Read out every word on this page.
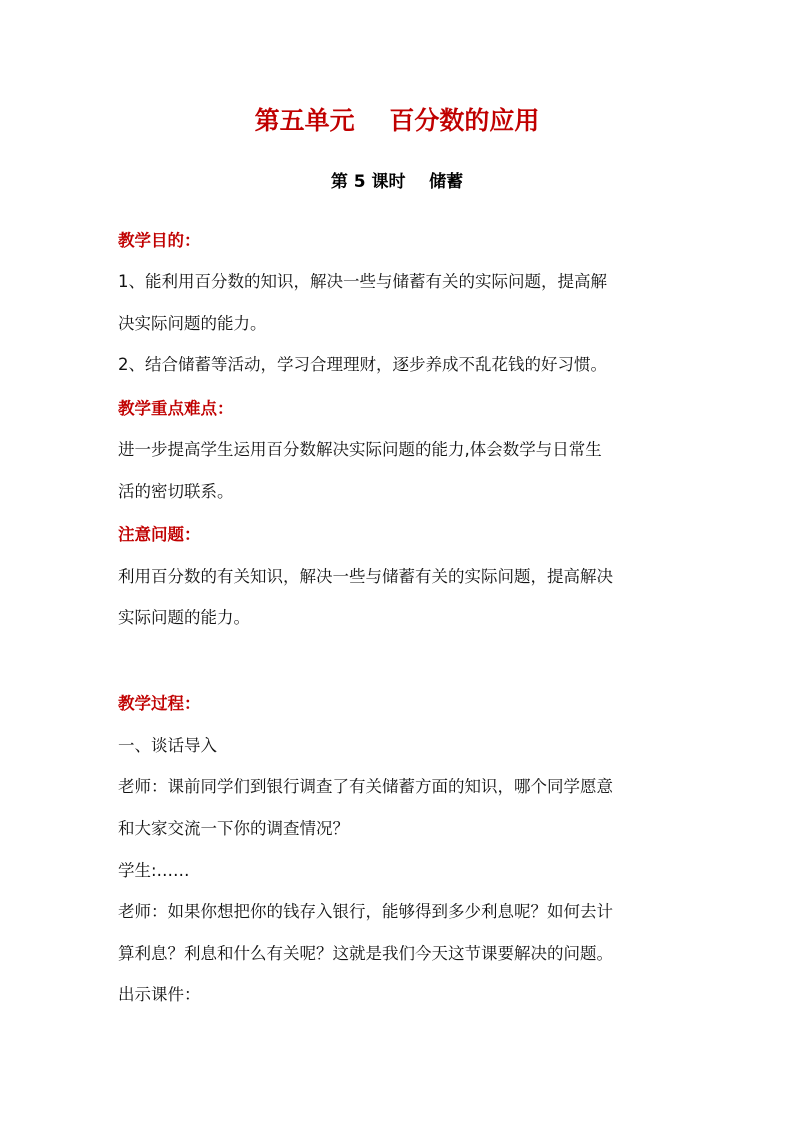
第五单元    百分数的应用
第 5 课时    储蓄
教学目的：
1、能利用百分数的知识，解决一些与储蓄有关的实际问题，提高解
决实际问题的能力。
2、结合储蓄等活动，学习合理理财，逐步养成不乱花钱的好习惯。
教学重点难点：
进一步提高学生运用百分数解决实际问题的能力,体会数学与日常生
活的密切联系。
注意问题：
利用百分数的有关知识，解决一些与储蓄有关的实际问题，提高解决
实际问题的能力。
教学过程：
一、谈话导入
老师：课前同学们到银行调查了有关储蓄方面的知识，哪个同学愿意
和大家交流一下你的调查情况？
学生:……
老师：如果你想把你的钱存入银行，能够得到多少利息呢？如何去计
算利息？利息和什么有关呢？这就是我们今天这节课要解决的问题。
出示课件：
